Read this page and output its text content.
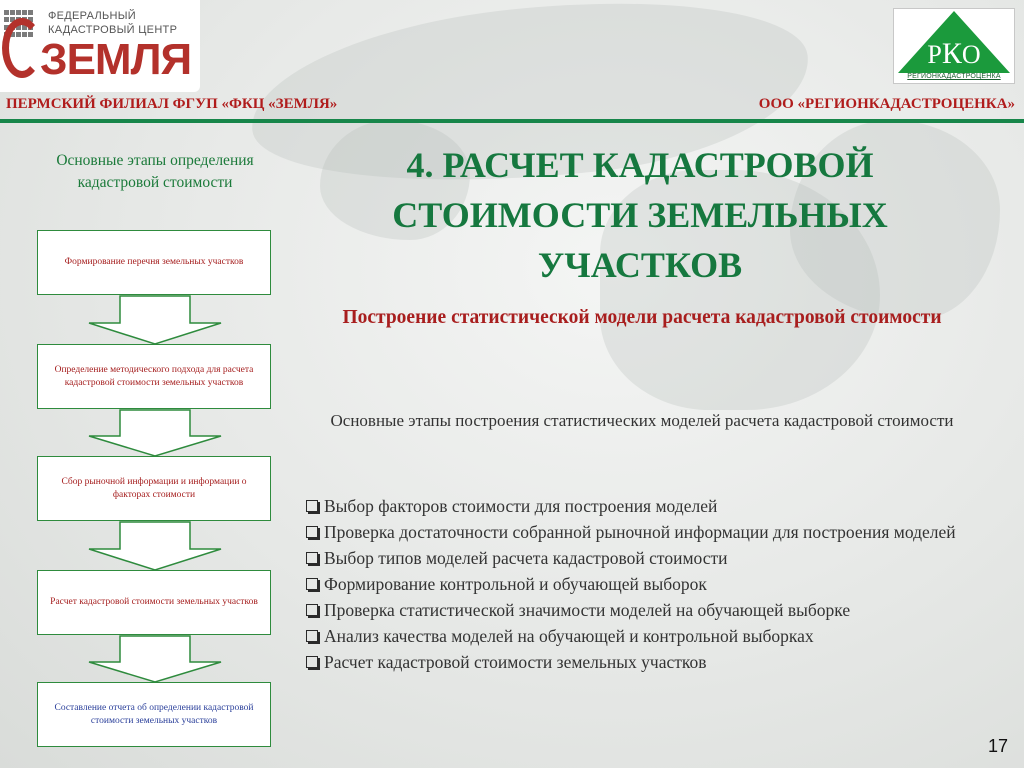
ФЕДЕРАЛЬНЫЙ
КАДАСТРОВЫЙ ЦЕНТР
ЗЕМЛЯ	РКО
РЕГИОНКАДАСТРОЦЕНКА
ПЕРМСКИЙ ФИЛИАЛ ФГУП «ФКЦ «ЗЕМЛЯ»	ООО «РЕГИОНКАДАСТРОЦЕНКА»
Основные этапы определения кадастровой стоимости
Формирование перечня земельных участков
Определение методического подхода для расчета кадастровой стоимости земельных участков
Сбор рыночной информации и информации о факторах стоимости
Расчет кадастровой стоимости земельных участков
Составление отчета об определении кадастровой стоимости земельных участков
4. РАСЧЕТ КАДАСТРОВОЙ СТОИМОСТИ ЗЕМЕЛЬНЫХ УЧАСТКОВ
Построение статистической модели расчета кадастровой стоимости
Основные этапы построения статистических моделей расчета кадастровой стоимости
Выбор факторов стоимости для построения моделей
Проверка достаточности собранной рыночной информации для построения моделей
Выбор типов моделей расчета кадастровой стоимости
Формирование контрольной и обучающей выборок
Проверка статистической значимости моделей на обучающей выборке
Анализ качества моделей на обучающей и контрольной выборках
Расчет кадастровой стоимости земельных участков
17
